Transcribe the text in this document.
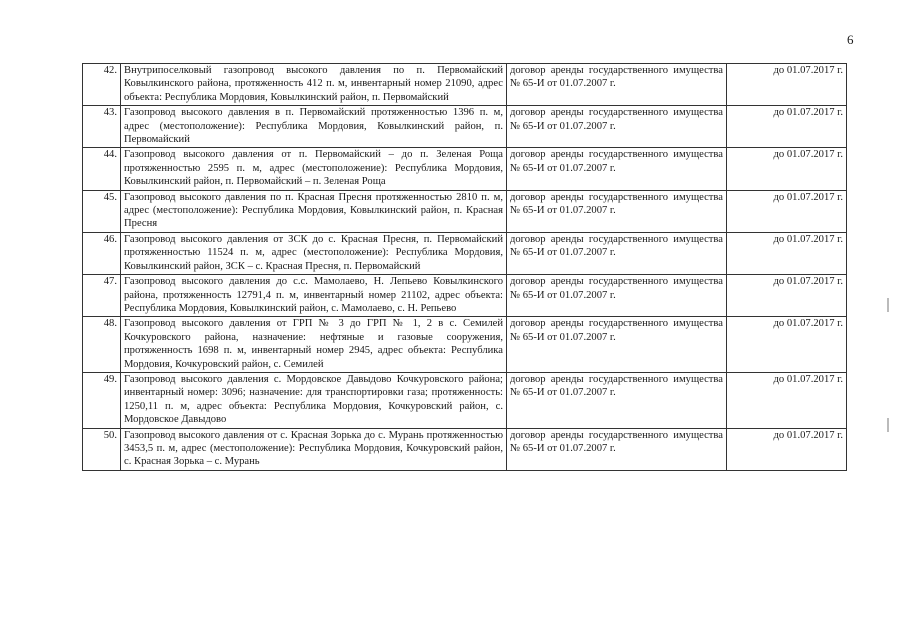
6
42.	Внутрипоселковый газопровод высокого давления по п. Первомайский Ковылкинского района, протяженность 412 п. м, инвентарный номер 21090, адрес объекта: Республика Мордовия, Ковылкинский район, п. Первомайский	договор аренды государственного имущества № 65-И от 01.07.2007 г.	до 01.07.2017 г.
43.	Газопровод высокого давления в п. Первомайский протяженностью 1396 п. м, адрес (местоположение): Республика Мордовия, Ковылкинский район, п. Первомайский	договор аренды государственного имущества № 65-И от 01.07.2007 г.	до 01.07.2017 г.
44.	Газопровод высокого давления от п. Первомайский – до п. Зеленая Роща протяженностью 2595 п. м, адрес (местоположение): Республика Мордовия, Ковылкинский район, п. Первомайский – п. Зеленая Роща	договор аренды государственного имущества № 65-И от 01.07.2007 г.	до 01.07.2017 г.
45.	Газопровод высокого давления по п. Красная Пресня протяженностью 2810 п. м, адрес (местоположение): Республика Мордовия, Ковылкинский район, п. Красная Пресня	договор аренды государственного имущества № 65-И от 01.07.2007 г.	до 01.07.2017 г.
46.	Газопровод высокого давления от ЗСК до с. Красная Пресня, п. Первомайский протяженностью 11524 п. м, адрес (местоположение): Республика Мордовия, Ковылкинский район, ЗСК – с. Красная Пресня, п. Первомайский	договор аренды государственного имущества № 65-И от 01.07.2007 г.	до 01.07.2017 г.
47.	Газопровод высокого давления до с.с. Мамолаево, Н. Лепьево Ковылкинского района, протяженность 12791,4 п. м, инвентарный номер 21102, адрес объекта: Республика Мордовия, Ковылкинский район, с. Мамолаево, с. Н. Репьево	договор аренды государственного имущества № 65-И от 01.07.2007 г.	до 01.07.2017 г.
48.	Газопровод высокого давления от ГРП № 3 до ГРП № 1, 2 в с. Семилей Кочкуровского района, назначение: нефтяные и газовые сооружения, протяженность 1698 п. м, инвентарный номер 2945, адрес объекта: Республика Мордовия, Кочкуровский район, с. Семилей	договор аренды государственного имущества № 65-И от 01.07.2007 г.	до 01.07.2017 г.
49.	Газопровод высокого давления с. Мордовское Давыдово Кочкуровского района; инвентарный номер: 3096; назначение: для транспортировки газа; протяженность: 1250,11 п. м, адрес объекта: Республика Мордовия, Кочкуровский район, с. Мордовское Давыдово	договор аренды государственного имущества № 65-И от 01.07.2007 г.	до 01.07.2017 г.
50.	Газопровод высокого давления от с. Красная Зорька до с. Мурань протяженностью 3453,5 п. м, адрес (местоположение): Республика Мордовия, Кочкуровский район, с. Красная Зорька – с. Мурань	договор аренды государственного имущества № 65-И от 01.07.2007 г.	до 01.07.2017 г.
